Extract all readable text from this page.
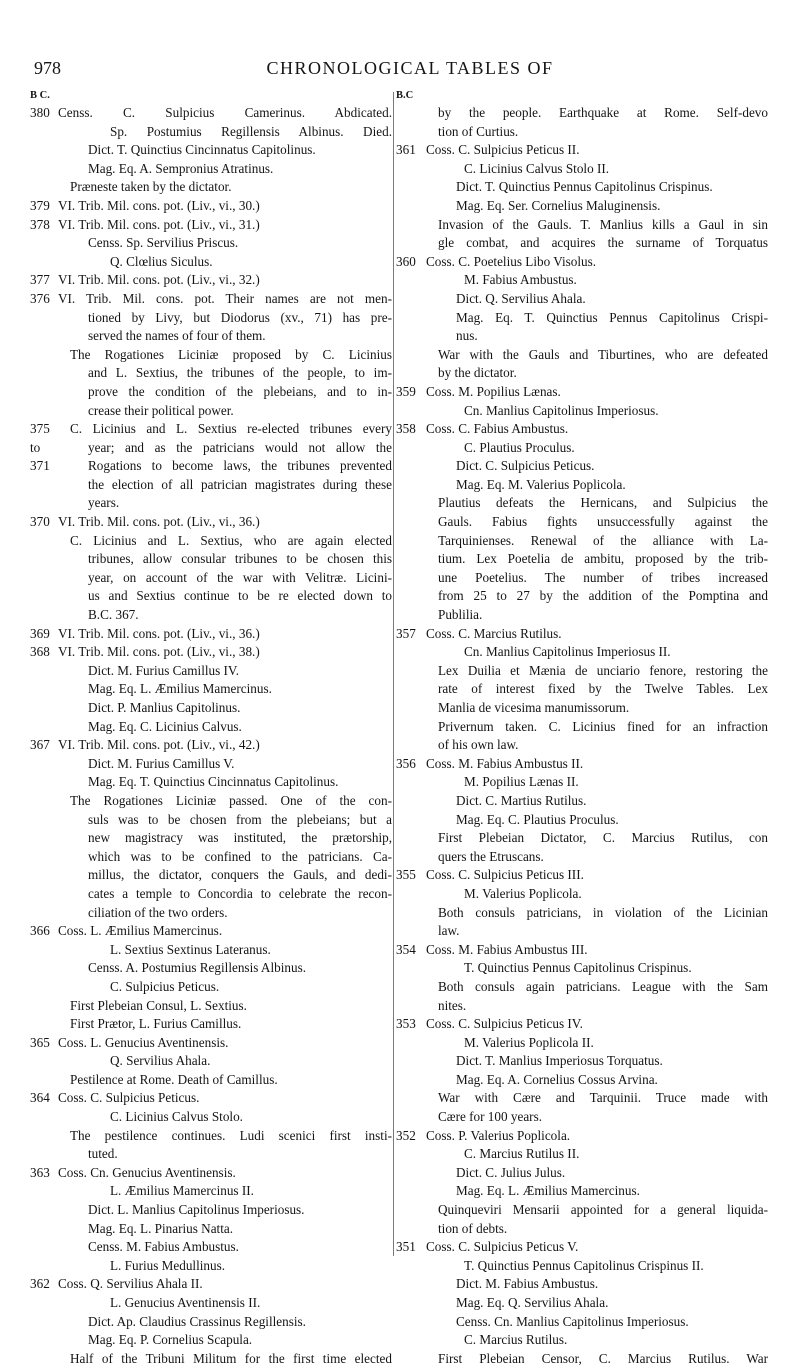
978	CHRONOLOGICAL TABLES OF
B C.	B.C
380 Censs. C. Sulpicius Camerinus. Abdicated.
Sp. Postumius Regillensis Albinus. Died.
Dict. T. Quinctius Cincinnatus Capitolinus.
Mag. Eq. A. Sempronius Atratinus.
Præneste taken by the dictator.
379 VI. Trib. Mil. cons. pot. (Liv., vi., 30.)
378 VI. Trib. Mil. cons. pot. (Liv., vi., 31.)
Censs. Sp. Servilius Priscus.
Q. Clœlius Siculus.
377 VI. Trib. Mil. cons. pot. (Liv., vi., 32.)
376 VI. Trib. Mil. cons. pot. Their names are not men-
tioned by Livy, but Diodorus (xv., 71) has pre-
served the names of four of them.
The Rogationes Liciniæ proposed by C. Licinius
and L. Sextius, the tribunes of the people, to im-
prove the condition of the plebeians, and to in-
crease their political power.
375 C. Licinius and L. Sextius re-elected tribunes every
to	year; and as the patricians would not allow the
371	Rogations to become laws, the tribunes prevented
the election of all patrician magistrates during these
years.
370 VI. Trib. Mil. cons. pot. (Liv., vi., 36.)
C. Licinius and L. Sextius, who are again elected
tribunes, allow consular tribunes to be chosen this
year, on account of the war with Velitræ. Licini-
us and Sextius continue to be re elected down to
B.C. 367.
369 VI. Trib. Mil. cons. pot. (Liv., vi., 36.)
368 VI. Trib. Mil. cons. pot. (Liv., vi., 38.)
Dict. M. Furius Camillus IV.
Mag. Eq. L. Æmilius Mamercinus.
Dict. P. Manlius Capitolinus.
Mag. Eq. C. Licinius Calvus.
367 VI. Trib. Mil. cons. pot. (Liv., vi., 42.)
Dict. M. Furius Camillus V.
Mag. Eq. T. Quinctius Cincinnatus Capitolinus.
The Rogationes Liciniæ passed. One of the con-
suls was to be chosen from the plebeians; but a
new magistracy was instituted, the prætorship,
which was to be confined to the patricians. Ca-
millus, the dictator, conquers the Gauls, and dedi-
cates a temple to Concordia to celebrate the recon-
ciliation of the two orders.
366 Coss. L. Æmilius Mamercinus.
L. Sextius Sextinus Lateranus.
Censs. A. Postumius Regillensis Albinus.
C. Sulpicius Peticus.
First Plebeian Consul, L. Sextius.
First Prætor, L. Furius Camillus.
365 Coss. L. Genucius Aventinensis.
Q. Servilius Ahala.
Pestilence at Rome. Death of Camillus.
364 Coss. C. Sulpicius Peticus.
C. Licinius Calvus Stolo.
The pestilence continues. Ludi scenici first insti-
tuted.
363 Coss. Cn. Genucius Aventinensis.
L. Æmilius Mamercinus II.
Dict. L. Manlius Capitolinus Imperiosus.
Mag. Eq. L. Pinarius Natta.
Censs. M. Fabius Ambustus.
L. Furius Medullinus.
362 Coss. Q. Servilius Ahala II.
L. Genucius Aventinensis II.
Dict. Ap. Claudius Crassinus Regillensis.
Mag. Eq. P. Cornelius Scapula.
Half of the Tribuni Militum for the first time elected
by the people. Earthquake at Rome. Self-devo
tion of Curtius.
361 Coss. C. Sulpicius Peticus II.
C. Licinius Calvus Stolo II.
Dict. T. Quinctius Pennus Capitolinus Crispinus.
Mag. Eq. Ser. Cornelius Maluginensis.
Invasion of the Gauls. T. Manlius kills a Gaul in sin
gle combat, and acquires the surname of Torquatus
360 Coss. C. Poetelius Libo Visolus.
M. Fabius Ambustus.
Dict. Q. Servilius Ahala.
Mag. Eq. T. Quinctius Pennus Capitolinus Crispi-
nus.
War with the Gauls and Tiburtines, who are defeated
by the dictator.
359 Coss. M. Popilius Lænas.
Cn. Manlius Capitolinus Imperiosus.
358 Coss. C. Fabius Ambustus.
C. Plautius Proculus.
Dict. C. Sulpicius Peticus.
Mag. Eq. M. Valerius Poplicola.
Plautius defeats the Hernicans, and Sulpicius the
Gauls. Fabius fights unsuccessfully against the
Tarquinienses. Renewal of the alliance with La-
tium. Lex Poetelia de ambitu, proposed by the trib-
une Poetelius. The number of tribes increased
from 25 to 27 by the addition of the Pomptina and
Publilia.
357 Coss. C. Marcius Rutilus.
Cn. Manlius Capitolinus Imperiosus II.
Lex Duilia et Mænia de unciario fenore, restoring the
rate of interest fixed by the Twelve Tables. Lex
Manlia de vicesima manumissorum.
Privernum taken. C. Licinius fined for an infraction
of his own law.
356 Coss. M. Fabius Ambustus II.
M. Popilius Lænas II.
Dict. C. Martius Rutilus.
Mag. Eq. C. Plautius Proculus.
First Plebeian Dictator, C. Marcius Rutilus, con
quers the Etruscans.
355 Coss. C. Sulpicius Peticus III.
M. Valerius Poplicola.
Both consuls patricians, in violation of the Licinian
law.
354 Coss. M. Fabius Ambustus III.
T. Quinctius Pennus Capitolinus Crispinus.
Both consuls again patricians. League with the Sam
nites.
353 Coss. C. Sulpicius Peticus IV.
M. Valerius Poplicola II.
Dict. T. Manlius Imperiosus Torquatus.
Mag. Eq. A. Cornelius Cossus Arvina.
War with Cære and Tarquinii. Truce made with
Cære for 100 years.
352 Coss. P. Valerius Poplicola.
C. Marcius Rutilus II.
Dict. C. Julius Julus.
Mag. Eq. L. Æmilius Mamercinus.
Quinqueviri Mensarii appointed for a general liquida-
tion of debts.
351 Coss. C. Sulpicius Peticus V.
T. Quinctius Pennus Capitolinus Crispinus II.
Dict. M. Fabius Ambustus.
Mag. Eq. Q. Servilius Ahala.
Censs. Cn. Manlius Capitolinus Imperiosus.
C. Marcius Rutilus.
First Plebeian Censor, C. Marcius Rutilus. War
